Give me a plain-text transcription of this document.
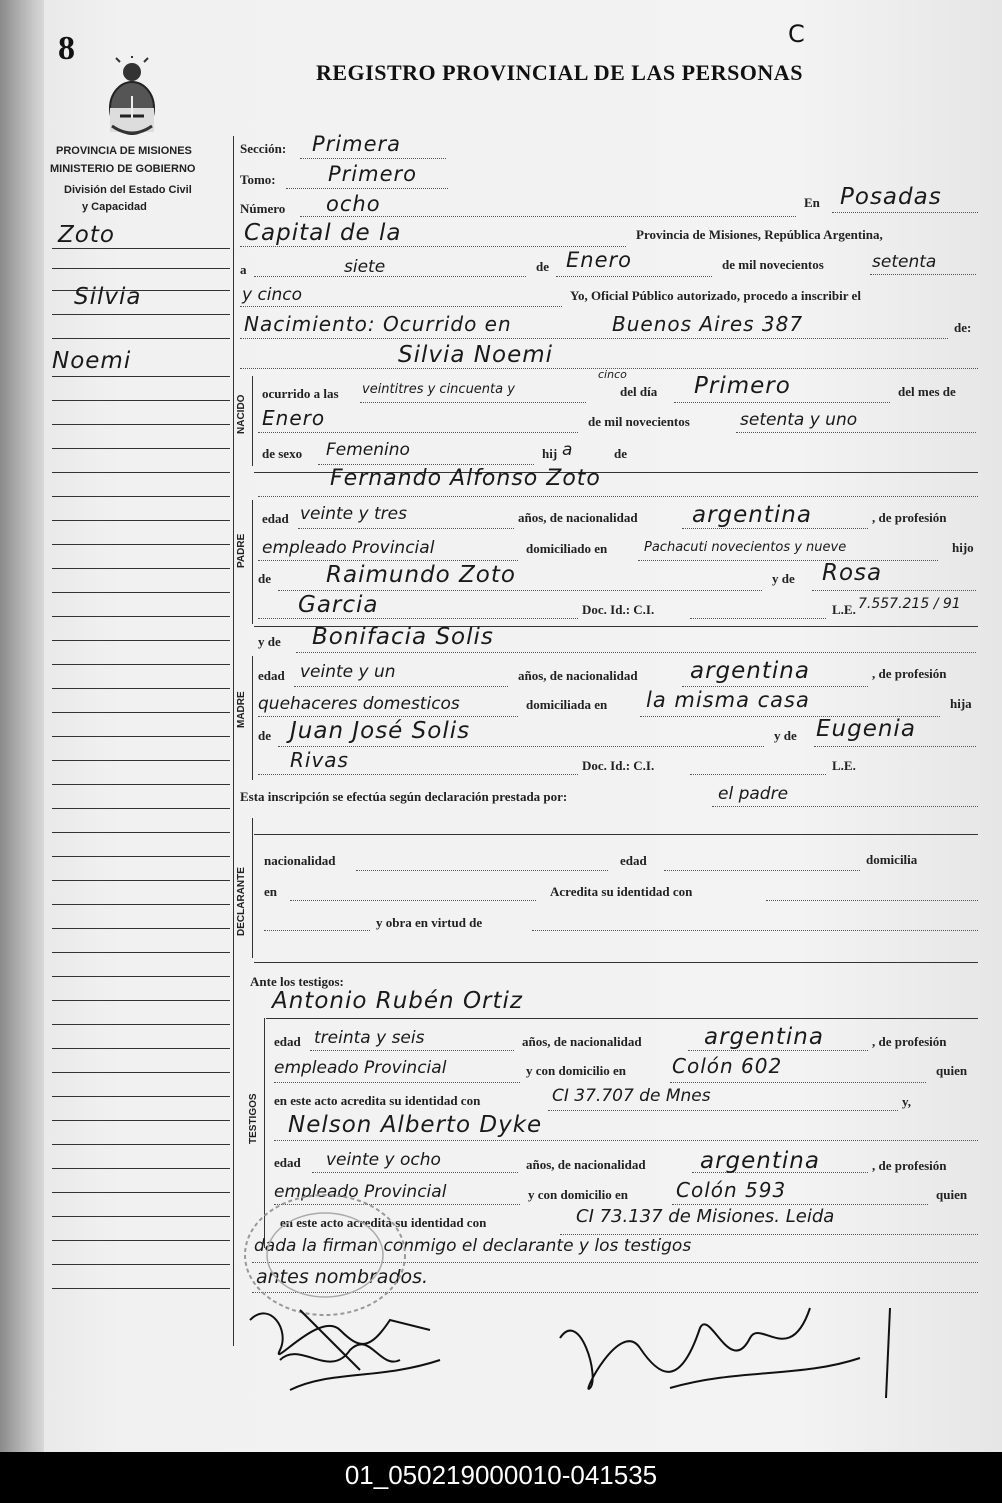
8	C
REGISTRO PROVINCIAL DE LAS PERSONAS
PROVINCIA DE MISIONES
MINISTERIO DE GOBIERNO
División del Estado Civil
y Capacidad
Zoto
Silvia
Noemi
Sección: Primera
Tomo: Primero
Número ocho	En Posadas
Capital de la	Provincia de Misiones, República Argentina,
a	siete	de Enero	de mil novecientos	setenta
y cinco	Yo, Oficial Público autorizado, procedo a inscribir el
Nacimiento: Ocurrido en	Buenos Aires 387	de:
Silvia Noemi
NACIDO
ocurrido a las veintitres y cincuenta y
cinco
del día Primero	del mes de
Enero	de mil novecientos	setenta y uno
de sexo Femenino	hij a	de
Fernando Alfonso Zoto
PADRE
edad veinte y tres	años, de nacionalidad argentina	, de profesión
empleado Provincial	domiciliado en	Pachacuti novecientos y nueve	hijo
de Raimundo Zoto	y de Rosa
Garcia	Doc. Id.: C.I.	L.E. 7.557.215 / 91
y de Bonifacia Solis
MADRE
edad veinte y un	años, de nacionalidad argentina	, de profesión
quehaceres domesticos	domiciliada en la misma casa	hija
de Juan José Solis	y de Eugenia
Rivas	Doc. Id.: C.I.	L.E.
Esta inscripción se efectúa según declaración prestada por:	el padre
DECLARANTE
nacionalidad	edad	domicilia
en	Acredita su identidad con
y obra en virtud de
Ante los testigos:
Antonio Rubén Ortiz
TESTIGOS
edad treinta y seis	años, de nacionalidad	argentina	, de profesión
empleado Provincial	y con domicilio en Colón 602	quien
en este acto acredita su identidad con	CI 37.707 de Mnes	y,
Nelson Alberto Dyke
edad veinte y ocho	años, de nacionalidad argentina	, de profesión
empleado Provincial	y con domicilio en Colón 593	quien
en este acto acredita su identidad con	CI 73.137 de Misiones. Leida
dada la firman conmigo el declarante y los testigos
antes nombrados.
01_050219000010-041535
